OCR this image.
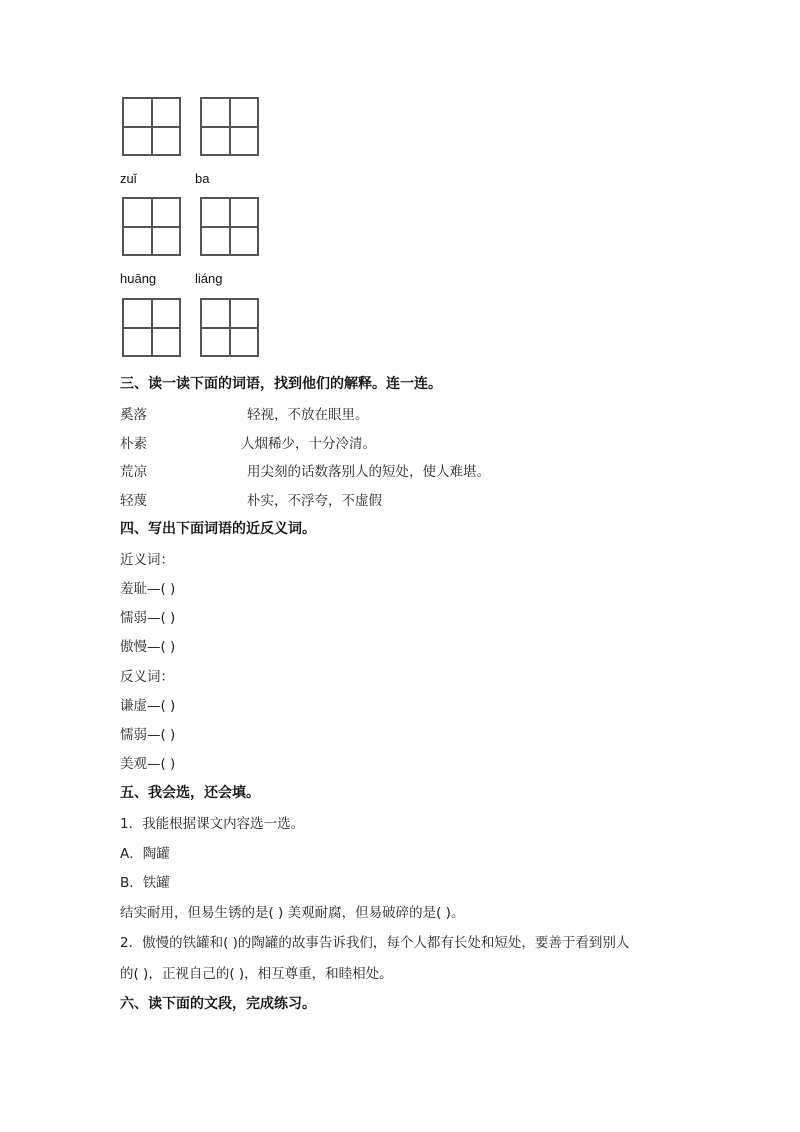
zuǐ	ba
huāng	liáng
三、读一读下面的词语，找到他们的解释。连一连。
奚落	轻视，不放在眼里。
朴素	人烟稀少，十分冷清。
荒凉	用尖刻的话数落别人的短处，使人难堪。
轻蔑	朴实，不浮夸，不虚假
四、写出下面词语的近反义词。
近义词：
羞耻—( )
懦弱—( )
傲慢—( )
反义词：
谦虚—( )
懦弱—( )
美观—( )
五、我会选，还会填。
1．我能根据课文内容选一选。
A．陶罐
B．铁罐
结实耐用，但易生锈的是( ) 美观耐腐，但易破碎的是( )。
2．傲慢的铁罐和( )的陶罐的故事告诉我们，每个人都有长处和短处，要善于看到别人
的( )，正视自己的( )，相互尊重，和睦相处。
六、读下面的文段，完成练习。
